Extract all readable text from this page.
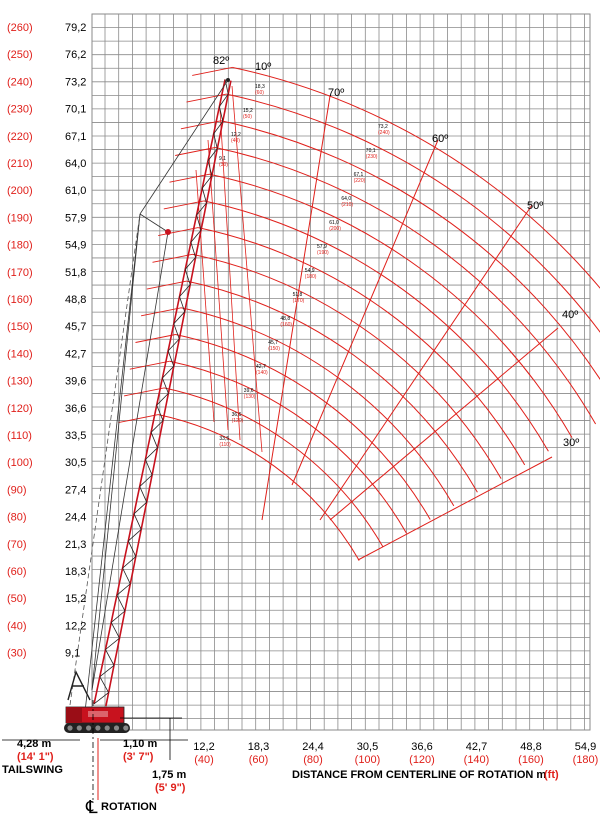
(260)	79,2
(250)	76,2
(240)	73,2
(230)	70,1
(220)	67,1
(210)	64,0
(200)	61,0
(190)	57,9
(180)	54,9
(170)	51,8
(160)	48,8
(150)	45,7
(140)	42,7
(130)	39,6
(120)	36,6
(110)	33,5
(100)	30,5
(90)	27,4
(80)	24,4
(70)	21,3
(60)	18,3
(50)	15,2
(40)	12,2
(30)	9,1
12,2
(40)
18,3
(60)
24,4
(80)
30,5
(100)
36,6
(120)
42,7
(140)
48,8
(160)
54,9
(180)
82º 10º
70º
60º
50º
40º
30º
73,2
(240)
70,1
(230)
67,1
(220)
64,0
(210)
61,0
(200)
57,9
(190)
54,9
(180)
51,8
(170)
48,8
(160)
45,7
(150)
42,7
(140)
39,6
(130)
36,6
(120)
33,5
(110)
18,3
(60)
15,2
(50)
12,2
(40)
9,1
(30)
DISTANCE FROM CENTERLINE OF ROTATION m
(ft)
4,28 m
(14' 1")
TAILSWING
1,10 m
(3' 7")
1,75 m
(5' 9")
℄ ROTATION
